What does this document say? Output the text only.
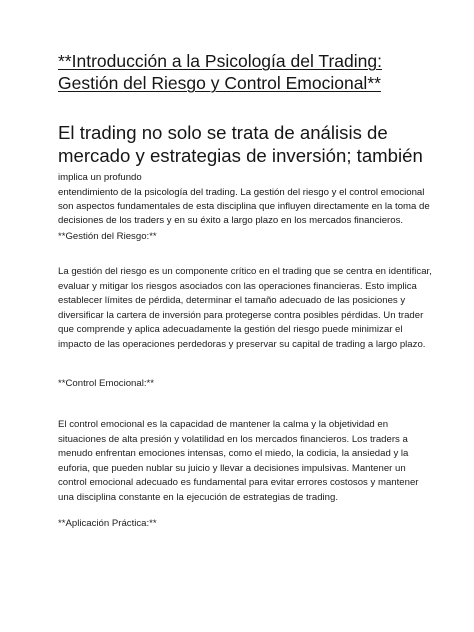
**Introducción a la Psicología del Trading: Gestión del Riesgo y Control Emocional**

El trading no solo se trata de análisis de mercado y estrategias de inversión; también implica un profundo
entendimiento de la psicología del trading. La gestión del riesgo y el control emocional son aspectos fundamentales de esta disciplina que influyen directamente en la toma de decisiones de los traders y en su éxito a largo plazo en los mercados financieros.

**Gestión del Riesgo:**

La gestión del riesgo es un componente crítico en el trading que se centra en identificar, evaluar y mitigar los riesgos asociados con las operaciones financieras. Esto implica establecer límites de pérdida, determinar el tamaño adecuado de las posiciones y diversificar la cartera de inversión para protegerse contra posibles pérdidas. Un trader que comprende y aplica adecuadamente la gestión del riesgo puede minimizar el impacto de las operaciones perdedoras y preservar su capital de trading a largo plazo.

**Control Emocional:**

El control emocional es la capacidad de mantener la calma y la objetividad en situaciones de alta presión y volatilidad en los mercados financieros. Los traders a menudo enfrentan emociones intensas, como el miedo, la codicia, la ansiedad y la euforia, que pueden nublar su juicio y llevar a decisiones impulsivas. Mantener un control emocional adecuado es fundamental para evitar errores costosos y mantener una disciplina constante en la ejecución de estrategias de trading.

**Aplicación Práctica:**
